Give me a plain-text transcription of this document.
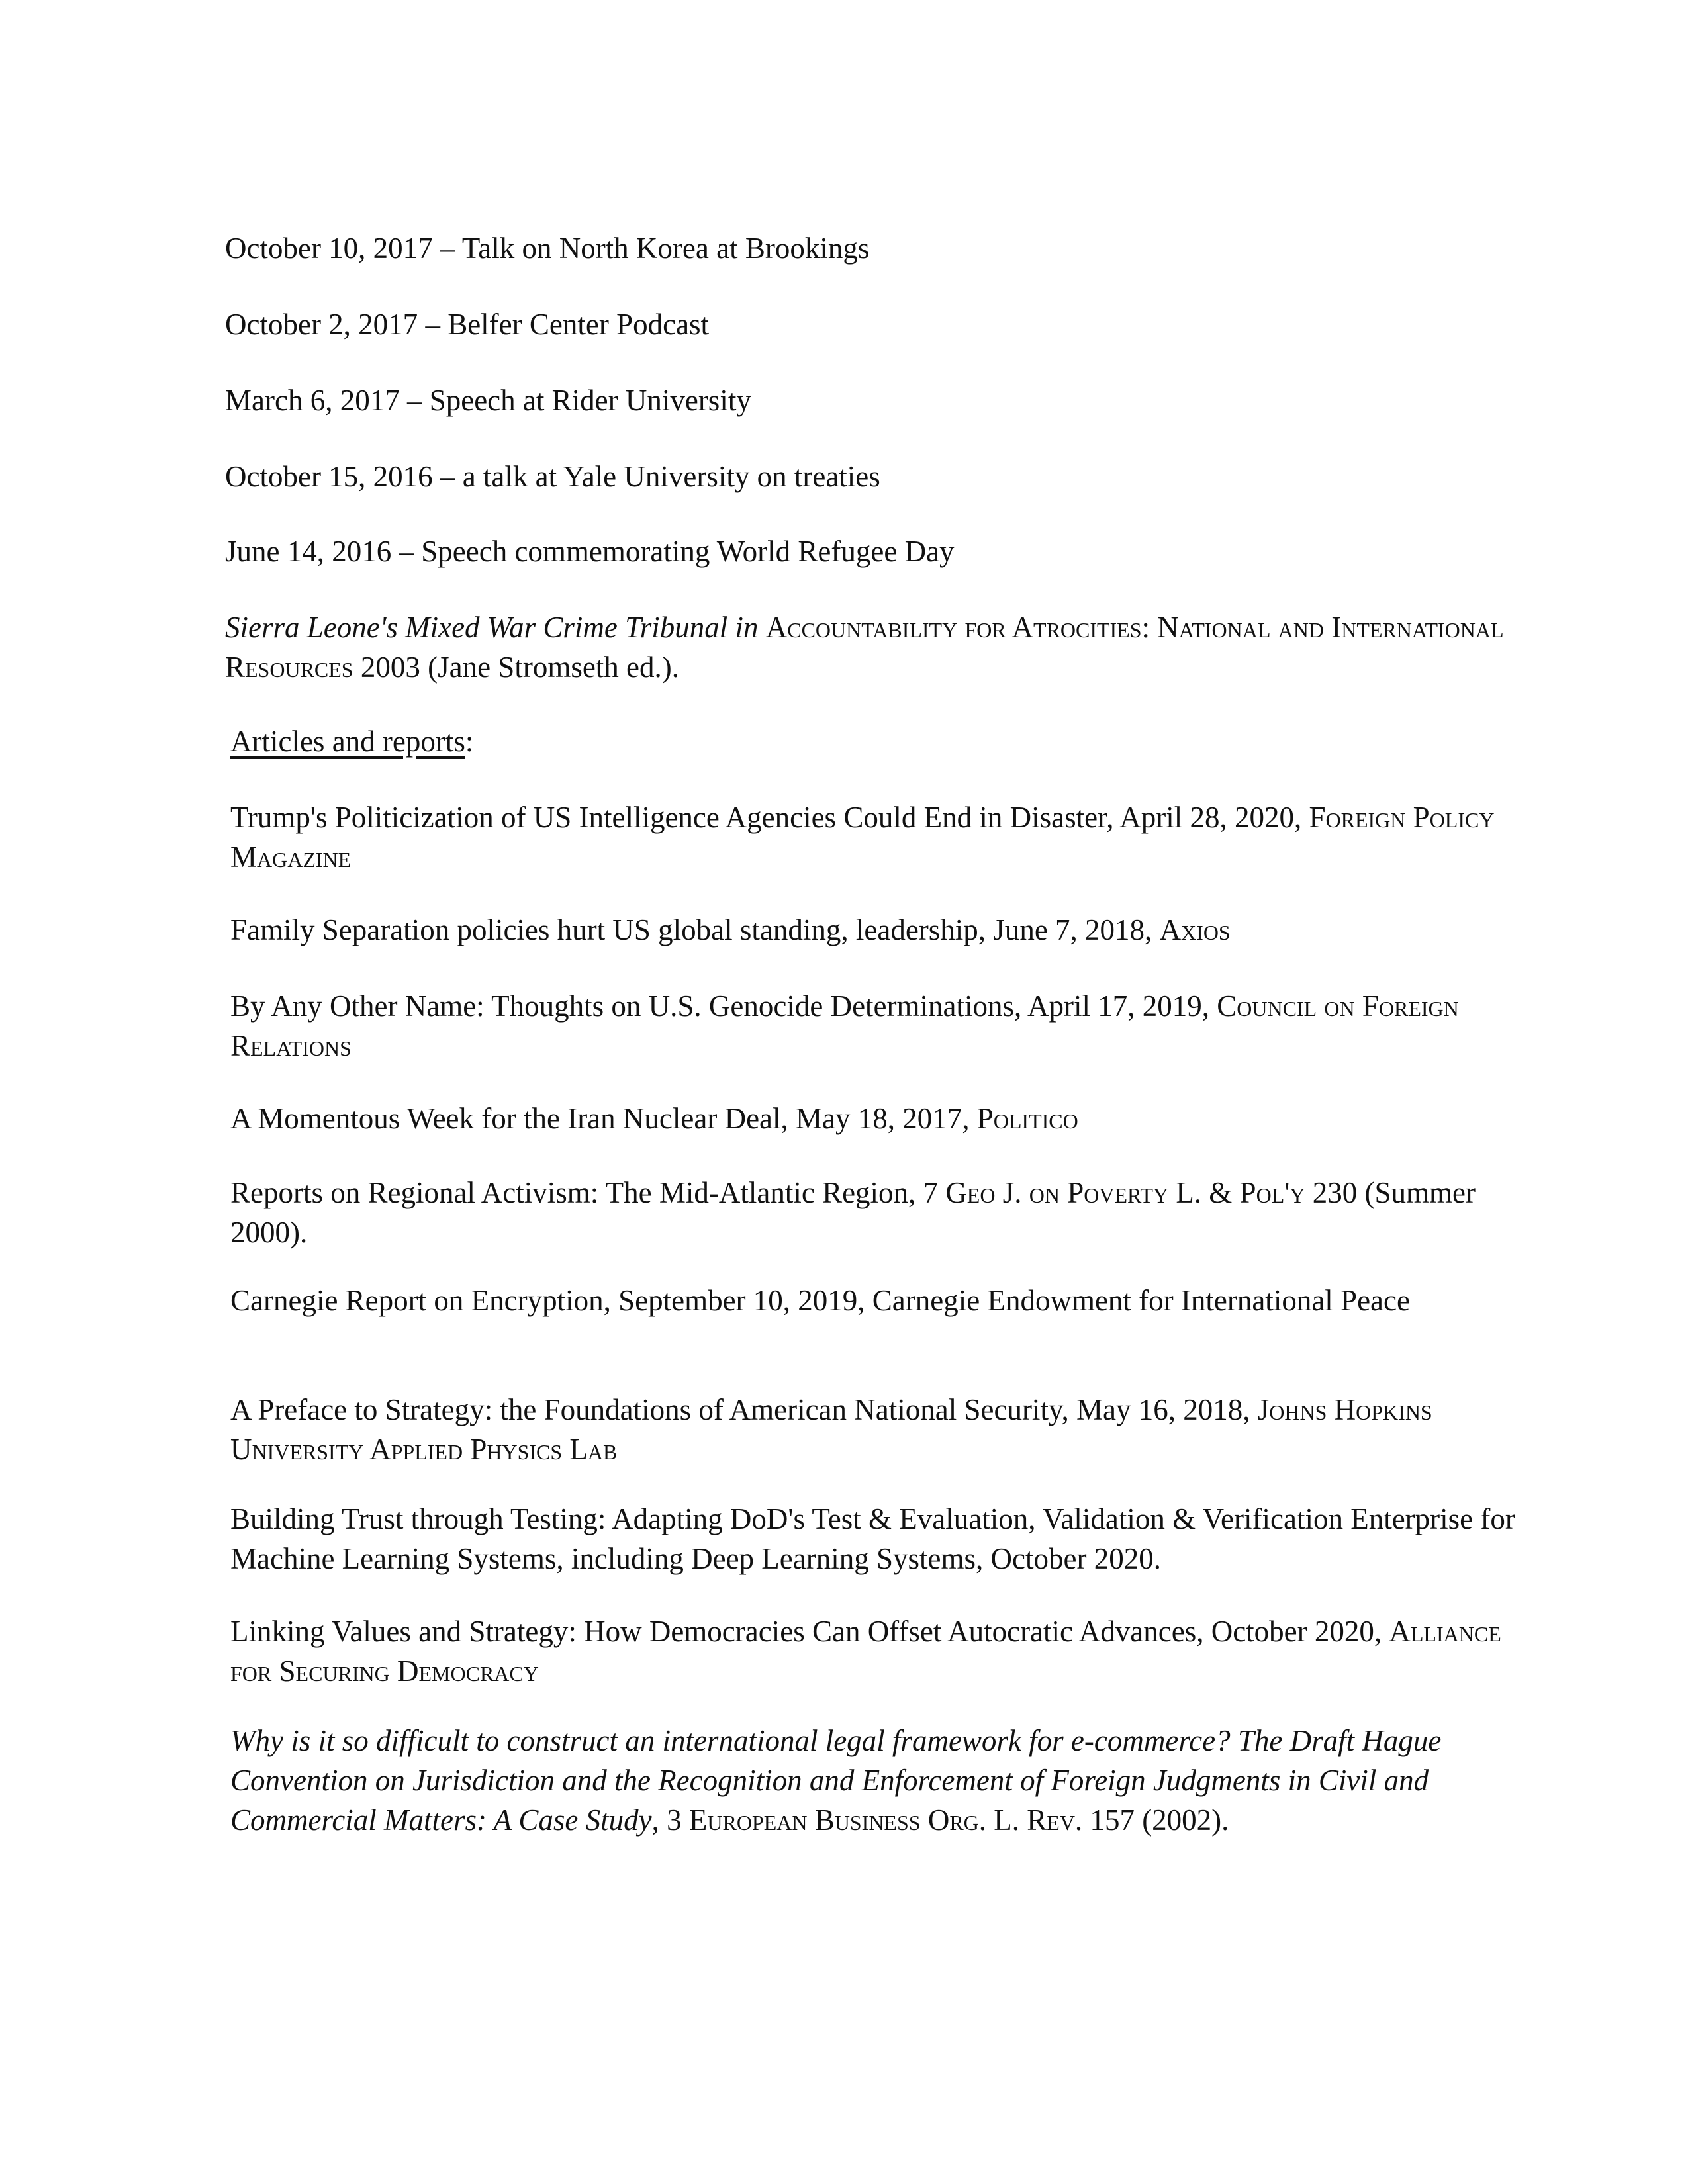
October 10, 2017 – Talk on North Korea at Brookings

October 2, 2017 – Belfer Center Podcast

March 6, 2017 – Speech at Rider University

October 15, 2016 – a talk at Yale University on treaties

June 14, 2016 – Speech commemorating World Refugee Day

Sierra Leone's Mixed War Crime Tribunal in Accountability for Atrocities: National and International Resources 2003 (Jane Stromseth ed.).

Articles and reports:

Trump's Politicization of US Intelligence Agencies Could End in Disaster, April 28, 2020, Foreign Policy Magazine

Family Separation policies hurt US global standing, leadership, June 7, 2018, Axios

By Any Other Name: Thoughts on U.S. Genocide Determinations, April 17, 2019, Council on Foreign Relations

A Momentous Week for the Iran Nuclear Deal, May 18, 2017, Politico

Reports on Regional Activism: The Mid-Atlantic Region, 7 Geo J. on Poverty L. & Pol'y 230 (Summer 2000).

Carnegie Report on Encryption, September 10, 2019, Carnegie Endowment for International Peace

A Preface to Strategy: the Foundations of American National Security, May 16, 2018, Johns Hopkins University Applied Physics Lab

Building Trust through Testing: Adapting DoD's Test & Evaluation, Validation & Verification Enterprise for Machine Learning Systems, including Deep Learning Systems, October 2020.

Linking Values and Strategy: How Democracies Can Offset Autocratic Advances, October 2020, Alliance for Securing Democracy

Why is it so difficult to construct an international legal framework for e-commerce? The Draft Hague Convention on Jurisdiction and the Recognition and Enforcement of Foreign Judgments in Civil and Commercial Matters: A Case Study, 3 European Business Org. L. Rev. 157 (2002).
